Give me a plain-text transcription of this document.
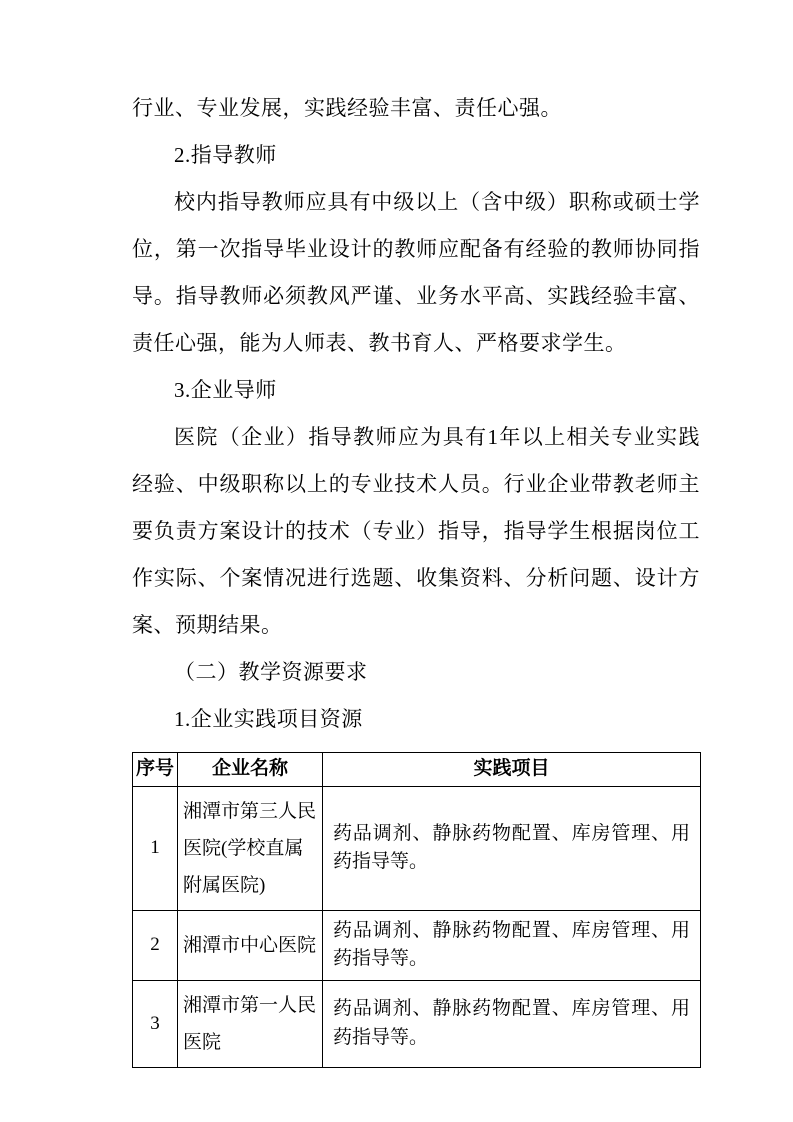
行业、专业发展，实践经验丰富、责任心强。

2.指导教师

校内指导教师应具有中级以上（含中级）职称或硕士学位，第一次指导毕业设计的教师应配备有经验的教师协同指导。指导教师必须教风严谨、业务水平高、实践经验丰富、责任心强，能为人师表、教书育人、严格要求学生。

3.企业导师

医院（企业）指导教师应为具有1年以上相关专业实践经验、中级职称以上的专业技术人员。行业企业带教老师主要负责方案设计的技术（专业）指导，指导学生根据岗位工作实际、个案情况进行选题、收集资料、分析问题、设计方案、预期结果。

（二）教学资源要求

1.企业实践项目资源

序号	企业名称	实践项目
1	湘潭市第三人民医院(学校直属附属医院)	药品调剂、静脉药物配置、库房管理、用药指导等。
2	湘潭市中心医院	药品调剂、静脉药物配置、库房管理、用药指导等。
3	湘潭市第一人民医院	药品调剂、静脉药物配置、库房管理、用药指导等。
